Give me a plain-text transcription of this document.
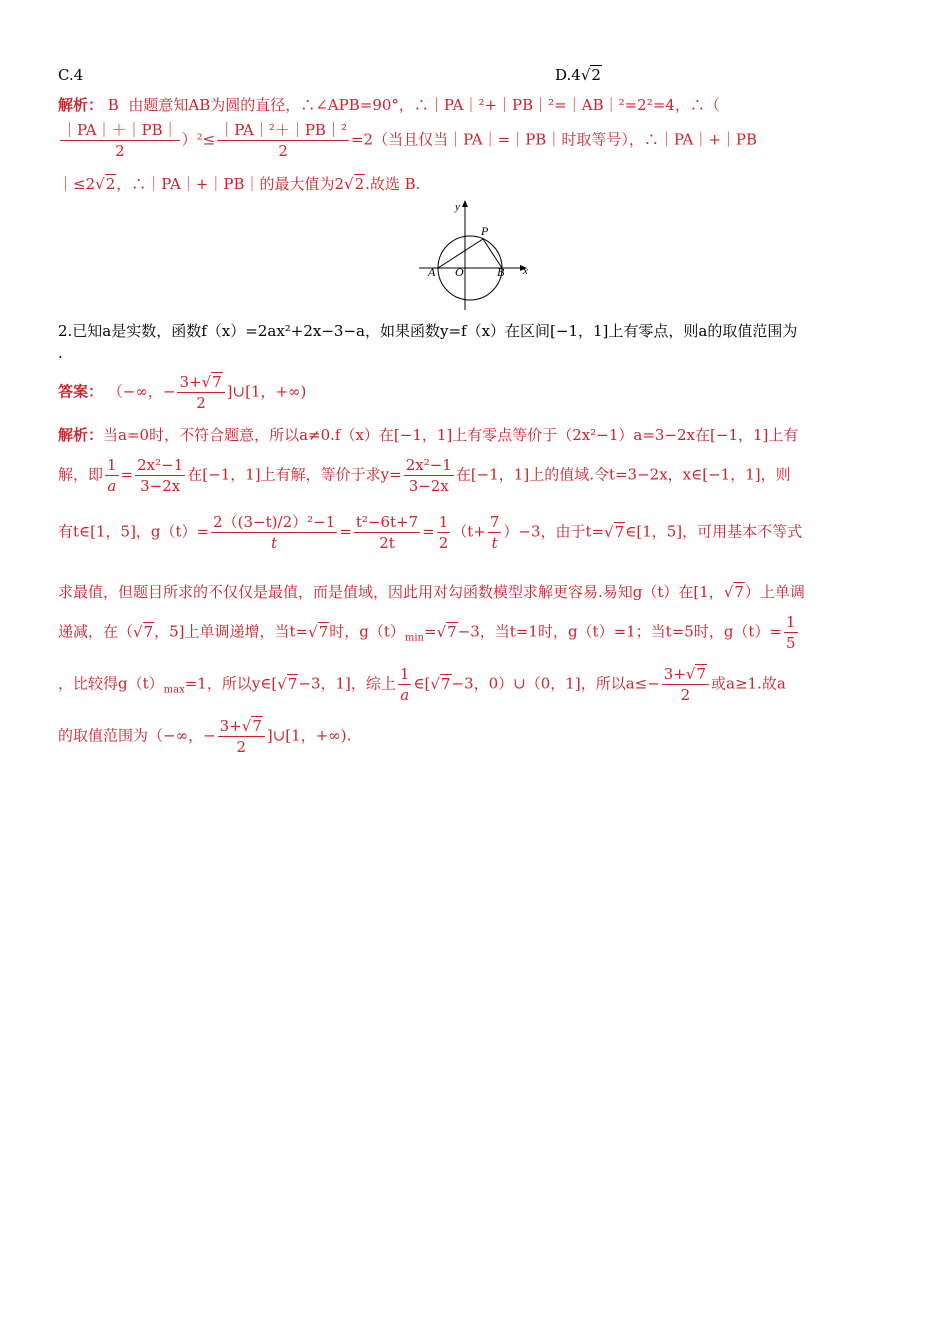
C.4	D.4√2
解析： B 由题意知AB为圆的直径，∴∠APB=90°，∴｜PA｜²+｜PB｜²=｜AB｜²=2²=4，∴（
$\frac{|PA|+|PB|}{2} )^2\le \frac{\text{｜PA｜²＋｜PB｜²}}{2} =2$（当且仅当｜PA｜=｜PB｜时取等号），∴｜PA｜+｜PB
｜≤2√2，∴｜PA｜+｜PB｜的最大值为2√2.故选 B.
y
x
P
A O	B
2.已知a是实数，函数f（x）=2ax²+2x−3−a，如果函数y=f（x）在区间[−1，1]上有零点，则a的取值范围为
.
答案： （−∞，− $\frac{3+√7}{2}$ ]∪[1，+∞)
解析：当a=0时，不符合题意，所以a≠0.f（x）在[−1，1]上有零点等价于（2x²−1）a=3−2x在[−1，1]上有
解，即 $\frac{1}{a} = \frac{\text{2x²−1}}{3-2x}$ 在[−1，1]上有解，等价于求$y= \frac{\text{2x²−1}}{3-2x}$ 在[−1，1]上的值域.令t=3−2x，x∈[−1，1]，则
有t∈[1，5]，$g(t)= \frac{\text{2（(3−t)/2）²−1}}{t} = \frac{\text{t²−6t+7}}{2t} = \frac{1}{2} (t+ \frac{7}{t} )-3$，由于t=√7∈[1，5]，可用基本不等式
求最值，但题目所求的不仅仅是最值，而是值域，因此用对勾函数模型求解更容易.易知g（t）在[1，√7）上单调
递减，在（√7，5]上单调递增，当t=√7时，$g(t)_{min}=√7-3$，当t=1时，g（t）=1；当t=5时，$g(t)= \frac{1}{5}$
，比较得$g(t)_{max}=1$，所以y∈[√7−3，1]，综上 $\frac{1}{a}$ ∈[√7−3，0）∪（0，1]，所以$a\le- \frac{3+√7}{2}$ 或a≥1.故a
的取值范围为（−∞，− $\frac{3+√7}{2}$ ]∪[1，+∞).
